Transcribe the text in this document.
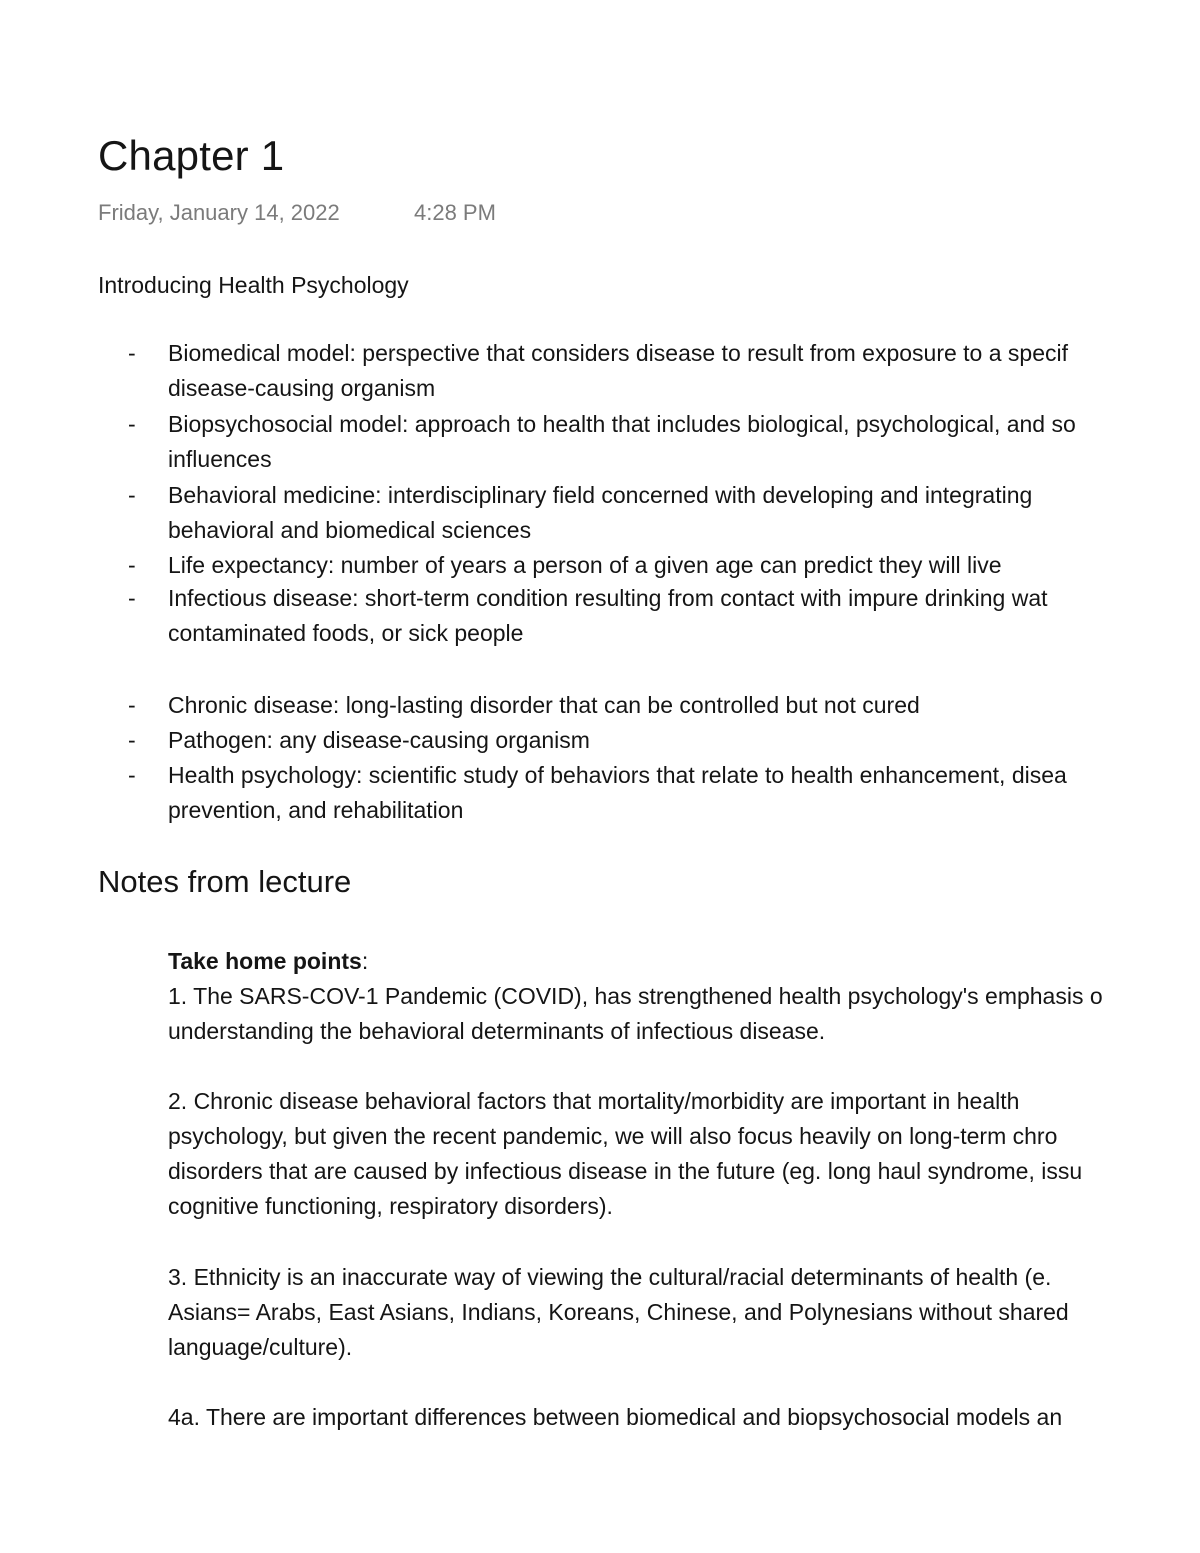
Chapter 1
Friday, January 14, 2022	4:28 PM
Introducing Health Psychology
- Biomedical model: perspective that considers disease to result from exposure to a specif
disease-causing organism
- Biopsychosocial model: approach to health that includes biological, psychological, and so
influences
- Behavioral medicine: interdisciplinary field concerned with developing and integrating
behavioral and biomedical sciences
- Life expectancy: number of years a person of a given age can predict they will live
- Infectious disease: short-term condition resulting from contact with impure drinking wat
contaminated foods, or sick people
- Chronic disease: long-lasting disorder that can be controlled but not cured
- Pathogen: any disease-causing organism
- Health psychology: scientific study of behaviors that relate to health enhancement, disea
prevention, and rehabilitation
Notes from lecture
Take home points:
1. The SARS-COV-1 Pandemic (COVID), has strengthened health psychology's emphasis o
understanding the behavioral determinants of infectious disease.
2. Chronic disease behavioral factors that mortality/morbidity are important in health
psychology, but given the recent pandemic, we will also focus heavily on long-term chro
disorders that are caused by infectious disease in the future (eg. long haul syndrome, issu
cognitive functioning, respiratory disorders).
3. Ethnicity is an inaccurate way of viewing the cultural/racial determinants of health (e.
Asians= Arabs, East Asians, Indians, Koreans, Chinese, and Polynesians without shared
language/culture).
4a. There are important differences between biomedical and biopsychosocial models an
